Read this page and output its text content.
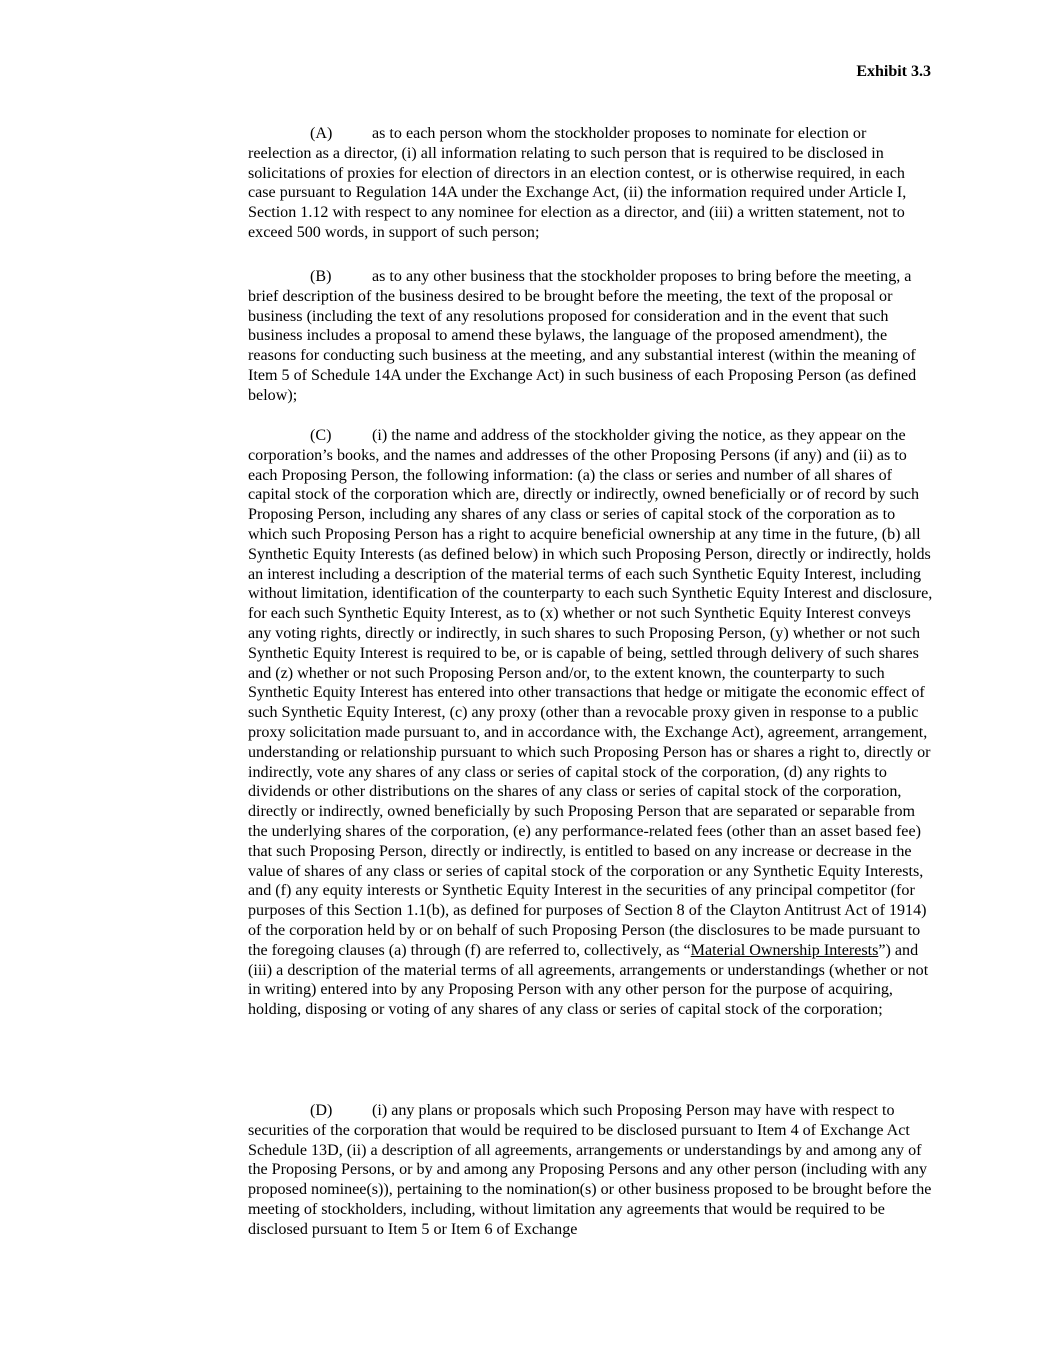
Exhibit 3.3

(A) as to each person whom the stockholder proposes to nominate for election or reelection as a director, (i) all information relating to such person that is required to be disclosed in solicitations of proxies for election of directors in an election contest, or is otherwise required, in each case pursuant to Regulation 14A under the Exchange Act, (ii) the information required under Article I, Section 1.12 with respect to any nominee for election as a director, and (iii) a written statement, not to exceed 500 words, in support of such person;

(B)	as to any other business that the stockholder proposes to bring before the meeting, a brief description of the business desired to be brought before the meeting, the text of the proposal or business (including the text of any resolutions proposed for consideration and in the event that such business includes a proposal to amend these bylaws, the language of the proposed amendment), the reasons for conducting such business at the meeting, and any substantial interest (within the meaning of Item 5 of Schedule 14A under the Exchange Act) in such business of each Proposing Person (as defined below);

(C)	(i) the name and address of the stockholder giving the notice, as they appear on the corporation’s books, and the names and addresses of the other Proposing Persons (if any) and (ii) as to each Proposing Person, the following information: (a) the class or series and number of all shares of capital stock of the corporation which are, directly or indirectly, owned beneficially or of record by such Proposing Person, including any shares of any class or series of capital stock of the corporation as to which such Proposing Person has a right to acquire beneficial ownership at any time in the future, (b) all Synthetic Equity Interests (as defined below) in which such Proposing Person, directly or indirectly, holds an interest including a description of the material terms of each such Synthetic Equity Interest, including without limitation, identification of the counterparty to each such Synthetic Equity Interest and disclosure, for each such Synthetic Equity Interest, as to (x) whether or not such Synthetic Equity Interest conveys any voting rights, directly or indirectly, in such shares to such Proposing Person, (y) whether or not such Synthetic Equity Interest is required to be, or is capable of being, settled through delivery of such shares and (z) whether or not such Proposing Person and/or, to the extent known, the counterparty to such Synthetic Equity Interest has entered into other transactions that hedge or mitigate the economic effect of such Synthetic Equity Interest, (c) any proxy (other than a revocable proxy given in response to a public proxy solicitation made pursuant to, and in accordance with, the Exchange Act), agreement, arrangement, understanding or relationship pursuant to which such Proposing Person has or shares a right to, directly or indirectly, vote any shares of any class or series of capital stock of the corporation, (d) any rights to dividends or other distributions on the shares of any class or series of capital stock of the corporation, directly or indirectly, owned beneficially by such Proposing Person that are separated or separable from the underlying shares of the corporation, (e) any performance-related fees (other than an asset based fee) that such Proposing Person, directly or indirectly, is entitled to based on any increase or decrease in the value of shares of any class or series of capital stock of the corporation or any Synthetic Equity Interests, and (f) any equity interests or Synthetic Equity Interest in the securities of any principal competitor (for purposes of this Section 1.1(b), as defined for purposes of Section 8 of the Clayton Antitrust Act of 1914) of the corporation held by or on behalf of such Proposing Person (the disclosures to be made pursuant to the foregoing clauses (a) through (f) are referred to, collectively, as “Material Ownership Interests”) and (iii) a description of the material terms of all agreements, arrangements or understandings (whether or not in writing) entered into by any Proposing Person with any other person for the purpose of acquiring, holding, disposing or voting of any shares of any class or series of capital stock of the corporation;

(D) (i) any plans or proposals which such Proposing Person may have with respect to securities of the corporation that would be required to be disclosed pursuant to Item 4 of Exchange Act Schedule 13D, (ii) a description of all agreements, arrangements or understandings by and among any of the Proposing Persons, or by and among any Proposing Persons and any other person (including with any proposed nominee(s)), pertaining to the nomination(s) or other business proposed to be brought before the meeting of stockholders, including, without limitation any agreements that would be required to be disclosed pursuant to Item 5 or Item 6 of Exchange
